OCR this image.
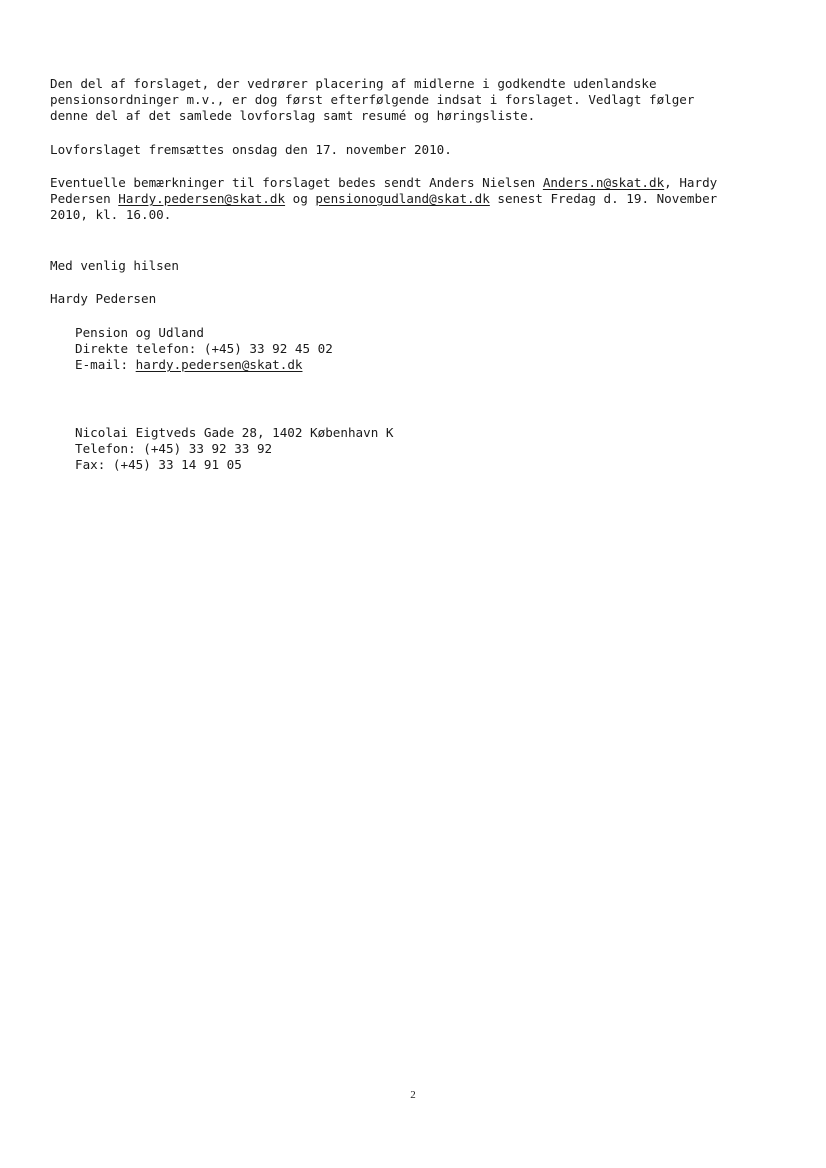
Den del af forslaget, der vedrører placering af midlerne i godkendte udenlandske
pensionsordninger m.v., er dog først efterfølgende indsat i forslaget. Vedlagt følger
denne del af det samlede lovforslag samt resumé og høringsliste.
Lovforslaget fremsættes onsdag den 17. november 2010.
Eventuelle bemærkninger til forslaget bedes sendt Anders Nielsen Anders.n@skat.dk, Hardy
Pedersen Hardy.pedersen@skat.dk og pensionogudland@skat.dk senest Fredag d. 19. November
2010, kl. 16.00.
Med venlig hilsen
Hardy Pedersen
Pension og Udland
Direkte telefon: (+45) 33 92 45 02
E-mail: hardy.pedersen@skat.dk
Nicolai Eigtveds Gade 28, 1402 København K
Telefon: (+45) 33 92 33 92
Fax: (+45) 33 14 91 05
2
